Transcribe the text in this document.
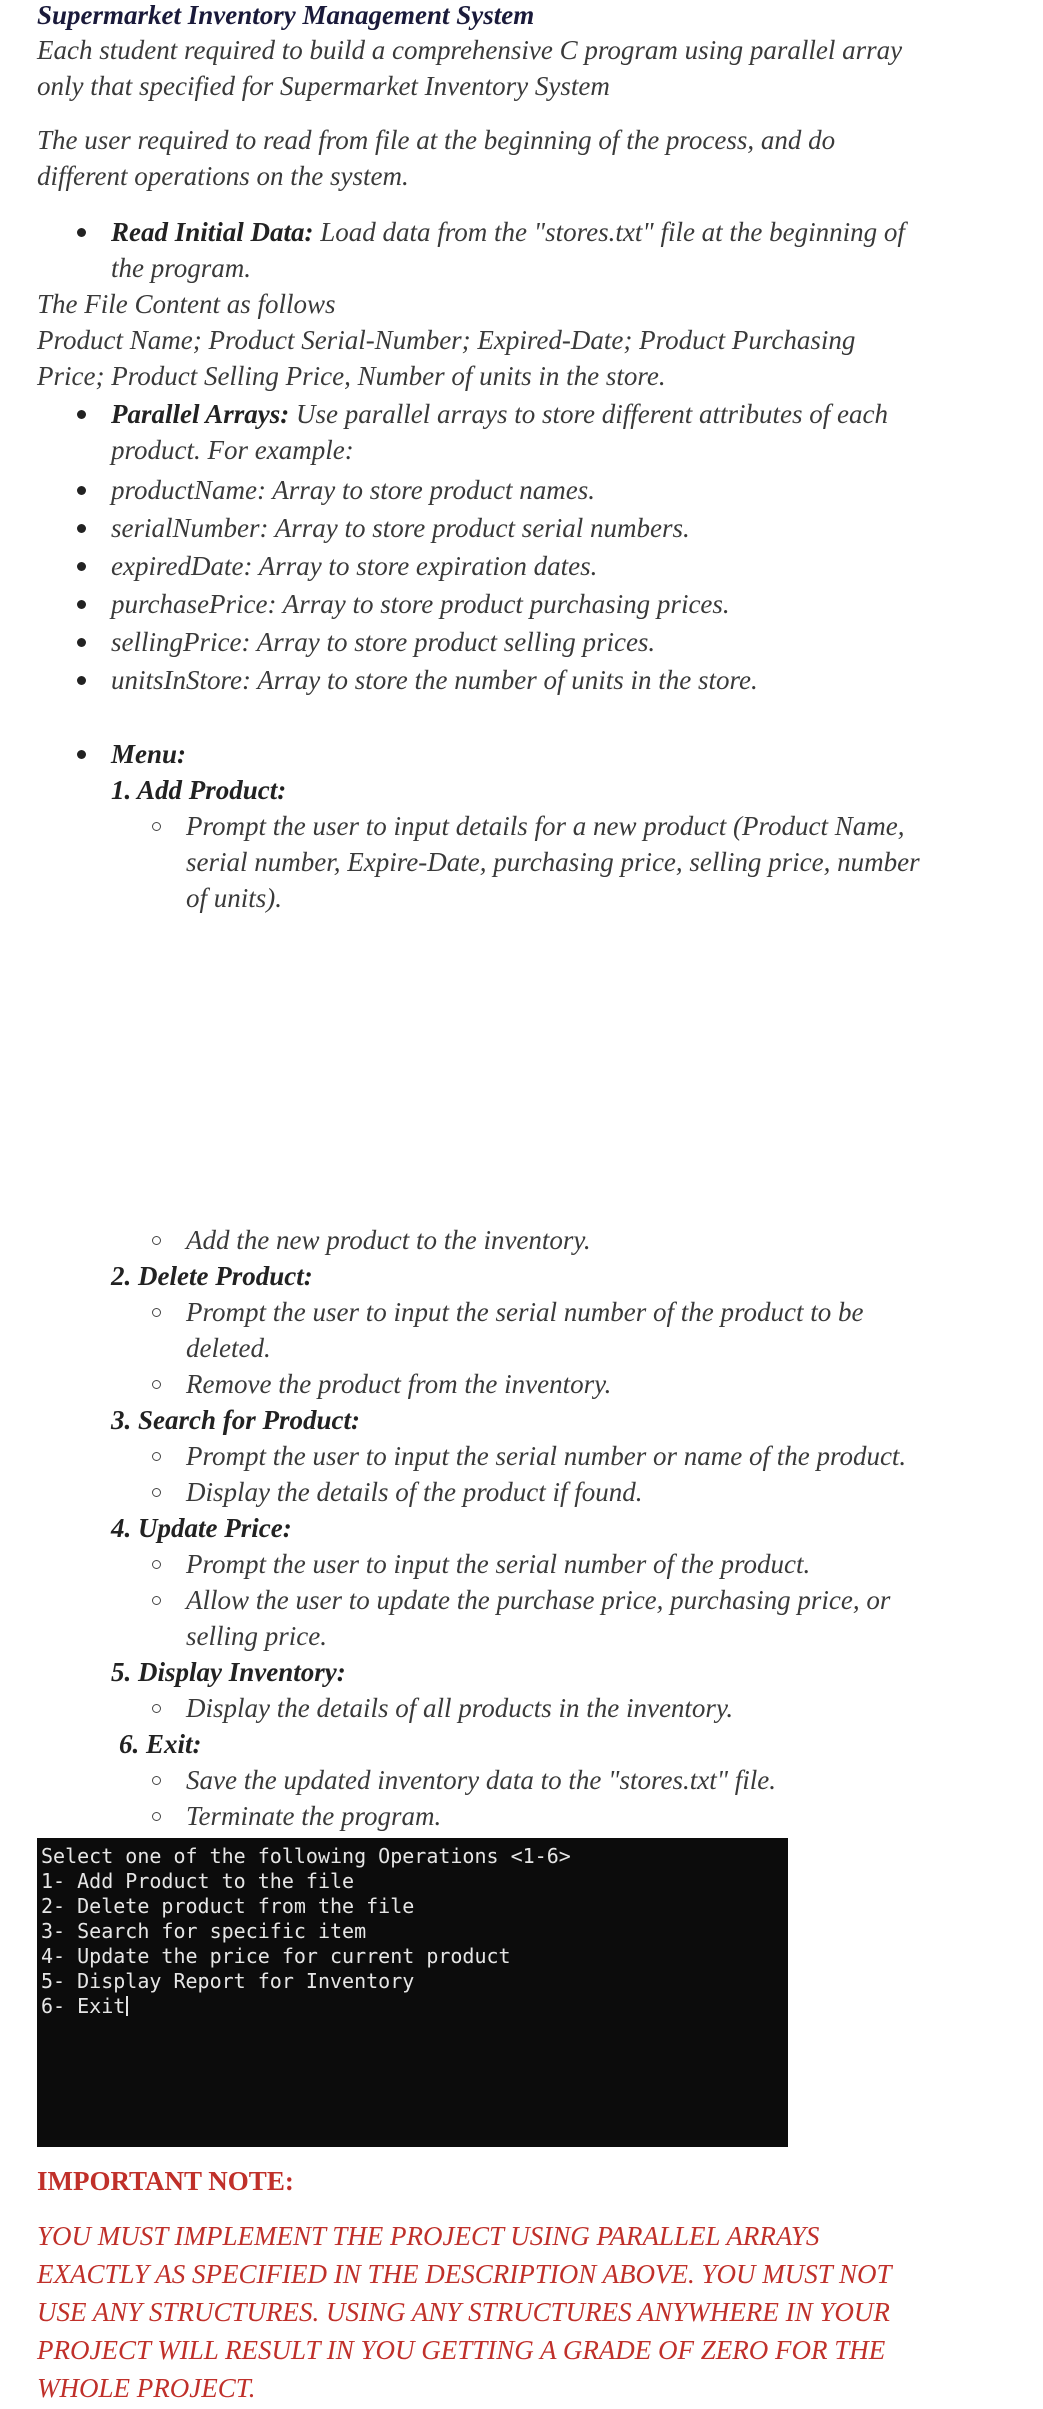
Supermarket Inventory Management System
Each student required to build a comprehensive C program using parallel array
only that specified for Supermarket Inventory System
The user required to read from file at the beginning of the process, and do
different operations on the system.
Read Initial Data: Load data from the "stores.txt" file at the beginning of
the program.
The File Content as follows
Product Name; Product Serial-Number; Expired-Date; Product Purchasing
Price; Product Selling Price, Number of units in the store.
Parallel Arrays: Use parallel arrays to store different attributes of each
product. For example:
productName: Array to store product names.
serialNumber: Array to store product serial numbers.
expiredDate: Array to store expiration dates.
purchasePrice: Array to store product purchasing prices.
sellingPrice: Array to store product selling prices.
unitsInStore: Array to store the number of units in the store.
Menu:
1. Add Product:
Prompt the user to input details for a new product (Product Name,
serial number, Expire-Date, purchasing price, selling price, number
of units).
Add the new product to the inventory.
2. Delete Product:
Prompt the user to input the serial number of the product to be
deleted.
Remove the product from the inventory.
3. Search for Product:
Prompt the user to input the serial number or name of the product.
Display the details of the product if found.
4. Update Price:
Prompt the user to input the serial number of the product.
Allow the user to update the purchase price, purchasing price, or
selling price.
5. Display Inventory:
Display the details of all products in the inventory.
6. Exit:
Save the updated inventory data to the "stores.txt" file.
Terminate the program.
Select one of the following Operations <1-6>
1- Add Product to the file
2- Delete product from the file
3- Search for specific item
4- Update the price for current product
5- Display Report for Inventory
6- Exit
IMPORTANT NOTE:
YOU MUST IMPLEMENT THE PROJECT USING PARALLEL ARRAYS
EXACTLY AS SPECIFIED IN THE DESCRIPTION ABOVE. YOU MUST NOT
USE ANY STRUCTURES. USING ANY STRUCTURES ANYWHERE IN YOUR
PROJECT WILL RESULT IN YOU GETTING A GRADE OF ZERO FOR THE
WHOLE PROJECT.
